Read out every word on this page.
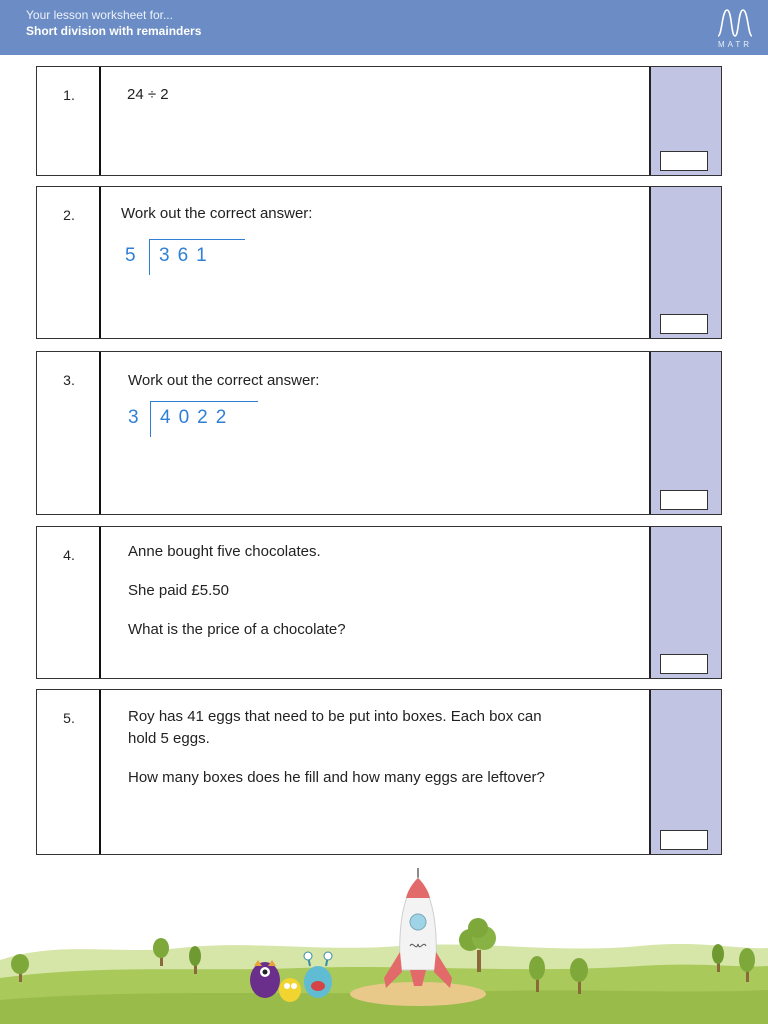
Your lesson worksheet for...
Short division with remainders
MATR
1.	24 ÷ 2
2.	Work out the correct answer:
5 361
3.	Work out the correct answer:
3 4022
4.	Anne bought five chocolates.
She paid £5.50
What is the price of a chocolate?
5.	Roy has 41 eggs that need to be put into boxes. Each box can
hold 5 eggs.
How many boxes does he fill and how many eggs are leftover?
